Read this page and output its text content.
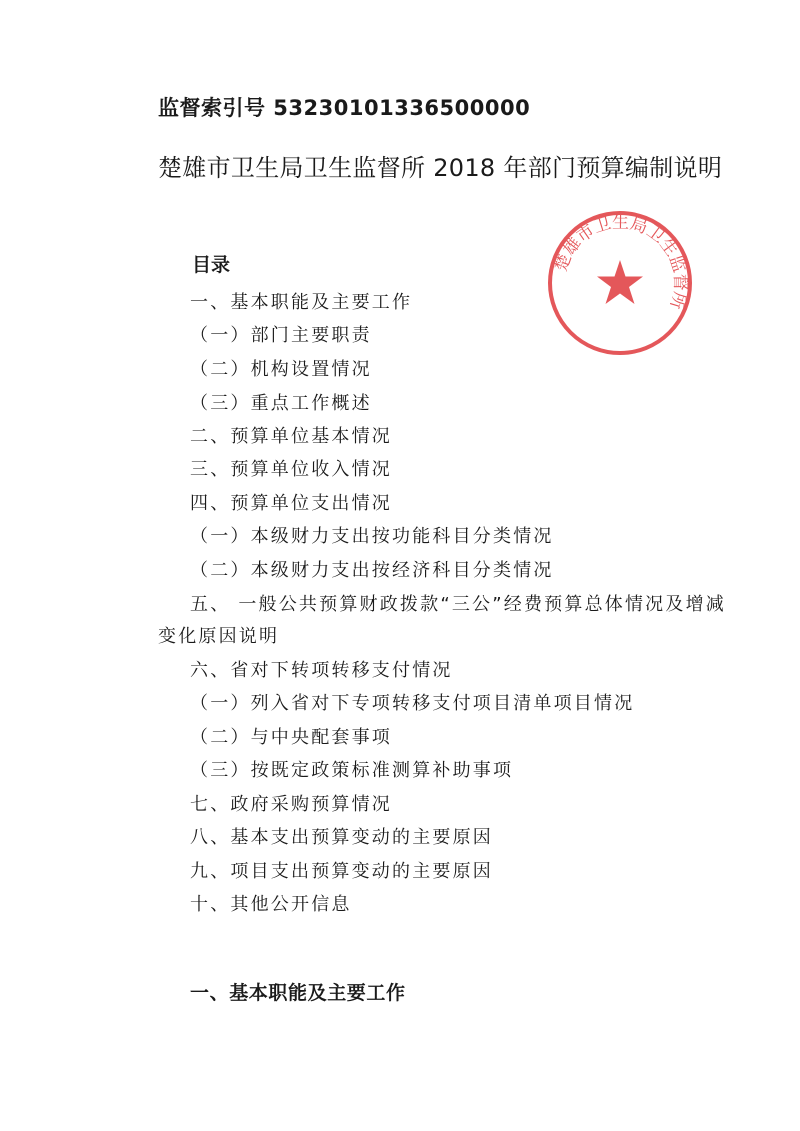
监督索引号 53230101336500000
楚雄市卫生局卫生监督所 2018 年部门预算编制说明
楚雄市卫生局卫生监督所
目录
一、基本职能及主要工作
（一）部门主要职责
（二）机构设置情况
（三）重点工作概述
二、预算单位基本情况
三、预算单位收入情况
四、预算单位支出情况
（一）本级财力支出按功能科目分类情况
（二）本级财力支出按经济科目分类情况
五、 一般公共预算财政拨款“三公”经费预算总体情况及增减
变化原因说明
六、省对下转项转移支付情况
（一）列入省对下专项转移支付项目清单项目情况
（二）与中央配套事项
（三）按既定政策标准测算补助事项
七、政府采购预算情况
八、基本支出预算变动的主要原因
九、项目支出预算变动的主要原因
十、其他公开信息
一、基本职能及主要工作
